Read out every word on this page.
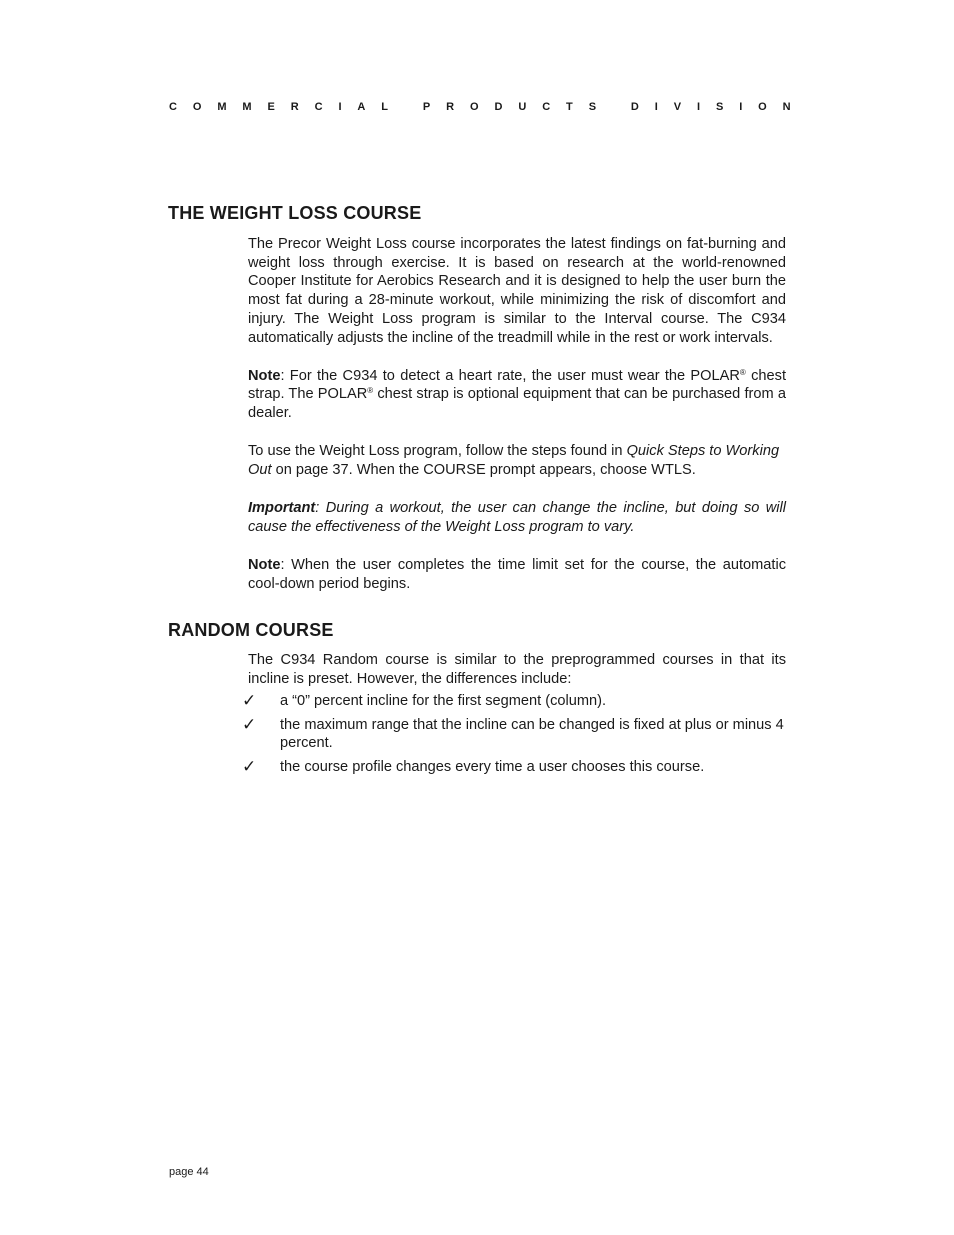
C O M M E R C I A L
	P R O D U C T S
	D I V I S I O N
THE WEIGHT LOSS COURSE

The Precor Weight Loss course incorporates the latest findings on fat-burning and weight loss through exercise. It is based on research at the world-renowned Cooper Institute for Aerobics Research and it is designed to help the user burn the most fat during a 28-minute workout, while minimizing the risk of discomfort and injury. The Weight Loss program is similar to the Interval course. The C934 automatically adjusts the incline of the treadmill while in the rest or work intervals.

Note: For the C934 to detect a heart rate, the user must wear the POLAR® chest strap. The POLAR® chest strap is optional equipment that can be purchased from a dealer.

To use the Weight Loss program, follow the steps found in Quick Steps to Working Out on page 37. When the COURSE prompt appears, choose WTLS.

Important: During a workout, the user can change the incline, but doing so will cause the effectiveness of the Weight Loss program to vary.

Note: When the user completes the time limit set for the course, the automatic cool-down period begins.

RANDOM COURSE

The C934 Random course is similar to the preprogrammed courses in that its incline is preset. However, the differences include:

✓ a “0” percent incline for the first segment (column).
✓ the maximum range that the incline can be changed is fixed at plus or minus 4 percent.
✓ the course profile changes every time a user chooses this course.
page 44
